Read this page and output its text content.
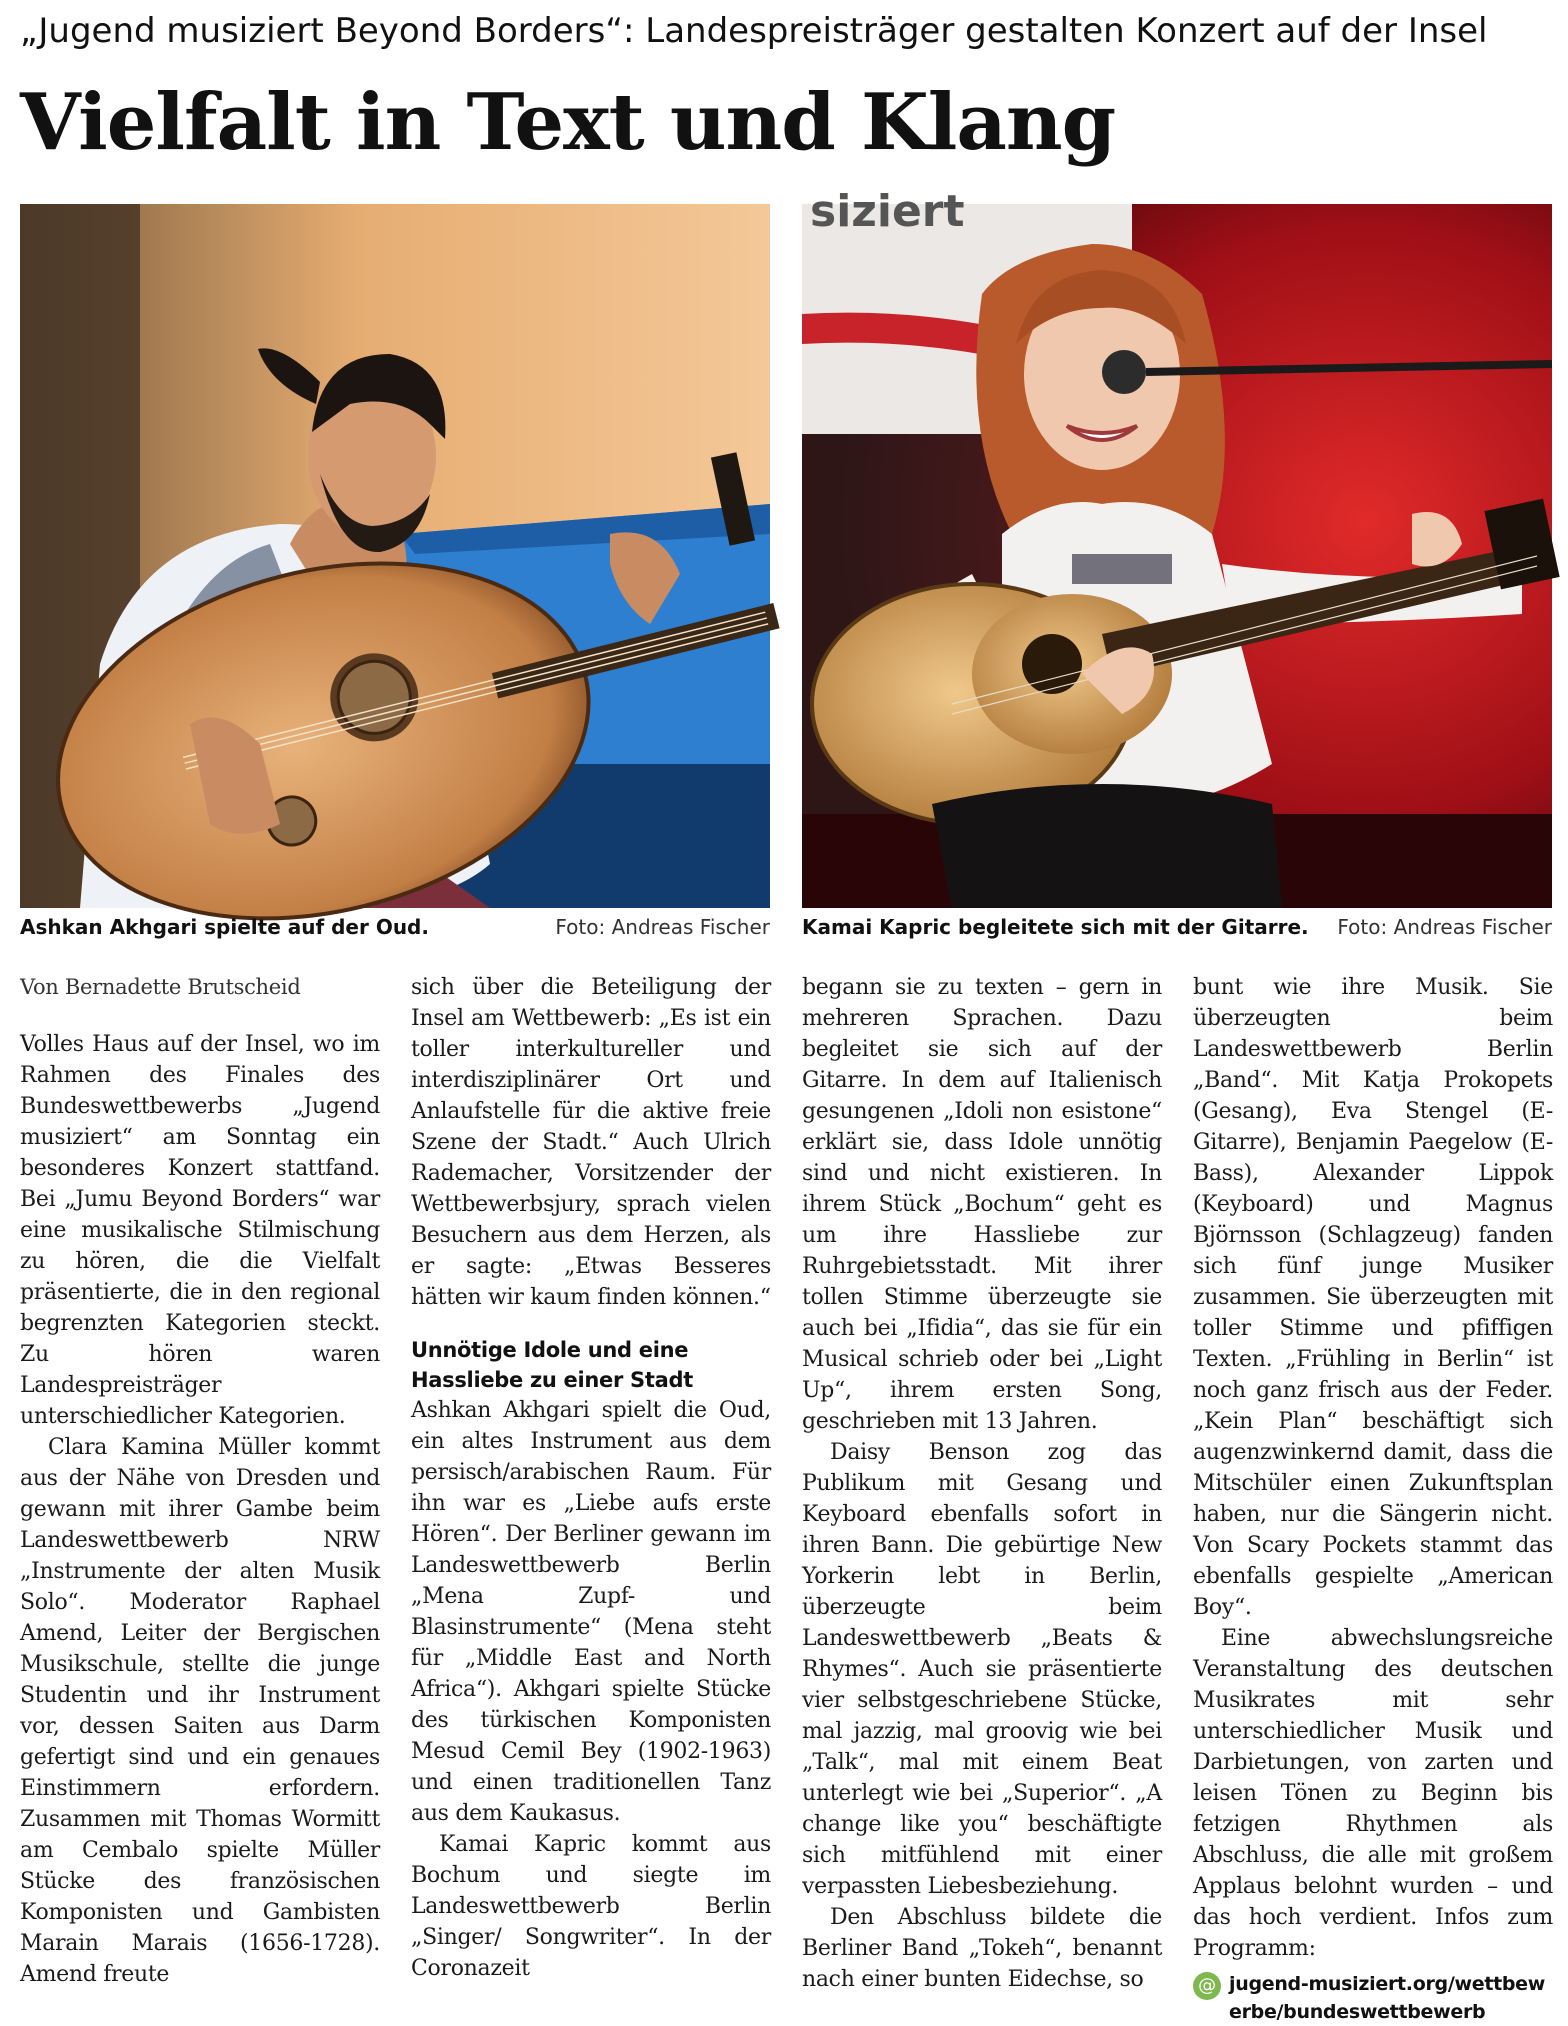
„Jugend musiziert Beyond Borders“: Landespreisträger gestalten Konzert auf der Insel
Vielfalt in Text und Klang
siziert
Ashkan Akhgari spielte auf der Oud.	Foto: Andreas Fischer Kamai Kapric begleitete sich mit der Gitarre. Foto: Andreas Fischer
Von Bernadette Brutscheid

Volles Haus auf der Insel, wo im Rahmen des Finales des Bundeswettbewerbs „Jugend musiziert“ am Sonntag ein besonderes Konzert stattfand. Bei „Jumu Beyond Borders“ war eine musikalische Stilmischung zu hören, die die Vielfalt präsentierte, die in den regional begrenzten Kategorien steckt. Zu hören waren Landespreisträger unterschiedlicher Kategorien.

Clara Kamina Müller kommt aus der Nähe von Dresden und gewann mit ihrer Gambe beim Landeswettbewerb NRW „Instrumente der alten Musik Solo“. Moderator Raphael Amend, Leiter der Bergischen Musikschule, stellte die junge Studentin und ihr Instrument vor, dessen Saiten aus Darm gefertigt sind und ein genaues Einstimmern erfordern. Zusammen mit Thomas Wormitt am Cembalo spielte Müller Stücke des französischen Komponisten und Gambisten Marain Marais (1656-1728). Amend freute

sich über die Beteiligung der Insel am Wettbewerb: „Es ist ein toller interkultureller und interdisziplinärer Ort und Anlaufstelle für die aktive freie Szene der Stadt.“ Auch Ulrich Rademacher, Vorsitzender der Wettbewerbsjury, sprach vielen Besuchern aus dem Herzen, als er sagte: „Etwas Besseres hätten wir kaum finden können.“

Unnötige Idole und eine Hassliebe zu einer Stadt

Ashkan Akhgari spielt die Oud, ein altes Instrument aus dem persisch/arabischen Raum. Für ihn war es „Liebe aufs erste Hören“. Der Berliner gewann im Landeswettbewerb Berlin „Mena Zupf- und Blasinstrumente“ (Mena steht für „Middle East and North Africa“). Akhgari spielte Stücke des türkischen Komponisten Mesud Cemil Bey (1902-1963) und einen traditionellen Tanz aus dem Kaukasus.

Kamai Kapric kommt aus Bochum und siegte im Landeswettbewerb Berlin „Singer/ Songwriter“. In der Coronazeit

begann sie zu texten – gern in mehreren Sprachen. Dazu begleitet sie sich auf der Gitarre. In dem auf Italienisch gesungenen „Idoli non esistone“ erklärt sie, dass Idole unnötig sind und nicht existieren. In ihrem Stück „Bochum“ geht es um ihre Hassliebe zur Ruhrgebietsstadt. Mit ihrer tollen Stimme überzeugte sie auch bei „Ifidia“, das sie für ein Musical schrieb oder bei „Light Up“, ihrem ersten Song, geschrieben mit 13 Jahren.

Daisy Benson zog das Publikum mit Gesang und Keyboard ebenfalls sofort in ihren Bann. Die gebürtige New Yorkerin lebt in Berlin, überzeugte beim Landeswettbewerb „Beats & Rhymes“. Auch sie präsentierte vier selbstgeschriebene Stücke, mal jazzig, mal groovig wie bei „Talk“, mal mit einem Beat unterlegt wie bei „Superior“. „A change like you“ beschäftigte sich mitfühlend mit einer verpassten Liebesbeziehung.

Den Abschluss bildete die Berliner Band „Tokeh“, benannt nach einer bunten Eidechse, so

bunt wie ihre Musik. Sie überzeugten beim Landeswettbewerb Berlin „Band“. Mit Katja Prokopets (Gesang), Eva Stengel (E-Gitarre), Benjamin Paegelow (E-Bass), Alexander Lippok (Keyboard) und Magnus Björnsson (Schlagzeug) fanden sich fünf junge Musiker zusammen. Sie überzeugten mit toller Stimme und pfiffigen Texten. „Frühling in Berlin“ ist noch ganz frisch aus der Feder. „Kein Plan“ beschäftigt sich augenzwinkernd damit, dass die Mitschüler einen Zukunftsplan haben, nur die Sängerin nicht. Von Scary Pockets stammt das ebenfalls gespielte „American Boy“.

Eine abwechslungsreiche Veranstaltung des deutschen Musikrates mit sehr unterschiedlicher Musik und Darbietungen, von zarten und leisen Tönen zu Beginn bis fetzigen Rhythmen als Abschluss, die alle mit großem Applaus belohnt wurden – und das hoch verdient. Infos zum Programm:

@ jugend-musiziert.org/wettbewerbe/bundeswettbewerb
